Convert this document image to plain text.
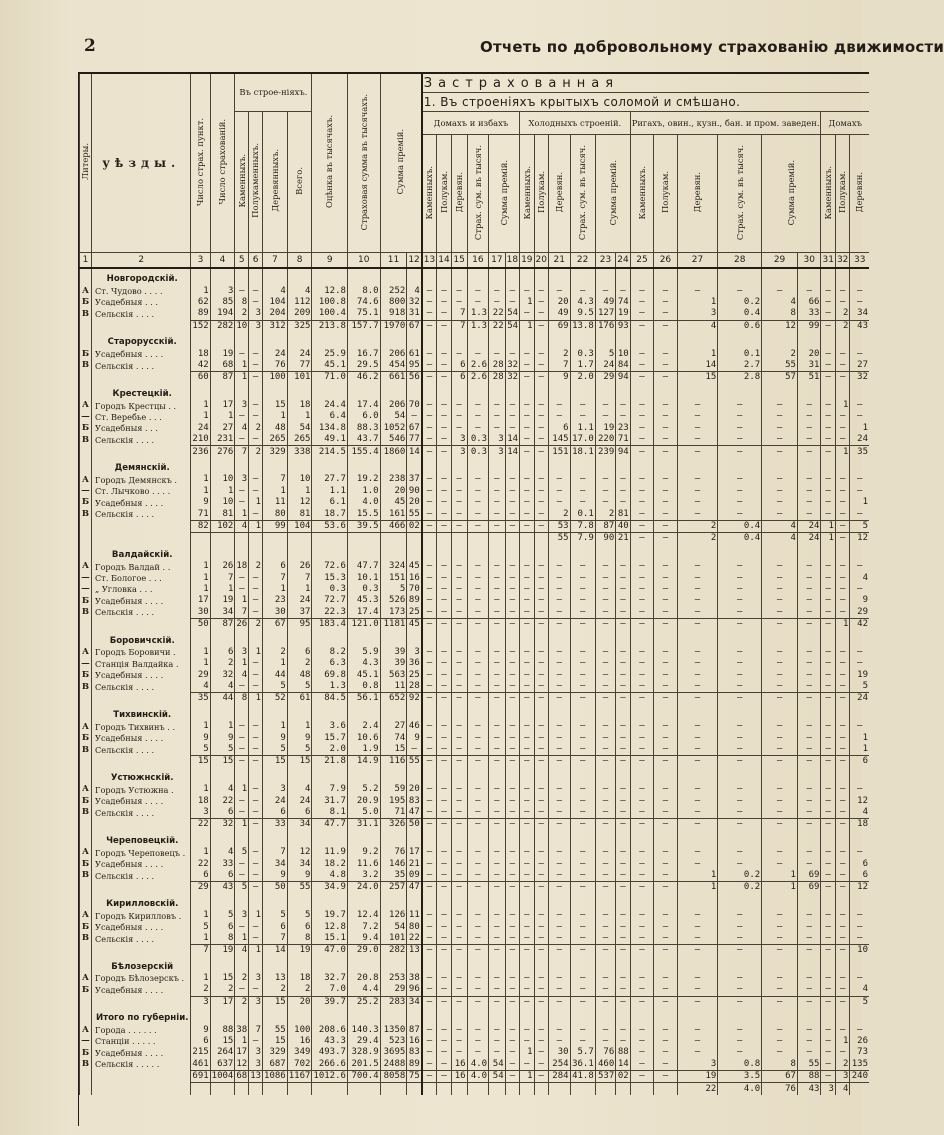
2	Отчеть по добровольному страхованію движимости
Литеры.	уѣзды.	Число страх. пункт.	Число страхованій.	Въ строе-ніяхъ.				Оцѣнка въ тысячахъ.	Страховая сумма въ тысячахъ.	Сумма премій.		Застрахованная																				
												1. Въ строеніяхъ крытыхъ соломой и смѣшано.																				
				Каменныхъ.	Полукаменныхъ.	Деревянныхъ.	Всего.					Домахъ и избахъ						Холодныхъ строеній.						Ригахъ, овин., кузн., бан. и пром. заведен.						Домахъ		
												Каменныхъ.	Полукам.	Деревян.	Страх. сум. въ тысяч.	Сумма премій.		Каменныхъ.	Полукам.	Деревян.	Страх. сум. въ тысяч.	Сумма премій.		Каменныхъ.	Полукам.	Деревян.	Страх. сум. въ тысяч.	Сумма премій.		Каменныхъ.	Полукам.	Деревян.
1	2	3	4	5	6	7	8	9	10	11	12	13	14	15	16	17	18	19	20	21	22	23	24	25	26	27	28	29	30	31	32	33
	Новгородскій.																															
А	Ст. Чудово . . . .	1	3	—	—	4	4	12.8	8.0	252	4	—	—	—	—	—	—	—	—	—	—	—	—	—	—	—	—	—	—	—	—	—
Б	Усадебныя . . .	62	85	8	—	104	112	100.8	74.6	800	32	—	—	—	—	—	—	1	—	20	4.3	49	74	—	—	1	0.2	4	66	—	—	—
В	Сельскія . . . .	89	194	2	3	204	209	100.4	75.1	918	31	—	—	7	1.3	22	54	—	—	49	9.5	127	19	—	—	3	0.4	8	33	—	2	34
		152	282	10	3	312	325	213.8	157.7	1970	67	—	—	7	1.3	22	54	1	—	69	13.8	176	93	—	—	4	0.6	12	99	—	2	43
	Старорусскій.																															
Б	Усадебныя . . . .	18	19	—	—	24	24	25.9	16.7	206	61	—	—	—	—	—	—	—	—	2	0.3	5	10	—	—	1	0.1	2	20	—	—	—
В	Сельскія . . . .	42	68	1	—	76	77	45.1	29.5	454	95	—	—	6	2.6	28	32	—	—	7	1.7	24	84	—	—	14	2.7	55	31	—	—	27
		60	87	1	—	100	101	71.0	46.2	661	56	—	—	6	2.6	28	32	—	—	9	2.0	29	94	—	—	15	2.8	57	51	—	—	32
	Крестецкій.																															
А	Городъ Крестцы . .	1	17	3	—	15	18	24.4	17.4	206	70	—	—	—	—	—	—	—	—	—	—	—	—	—	—	—	—	—	—	—	1	—
—	Ст. Веребье . . .	1	1	—	—	1	1	6.4	6.0	54	—	—	—	—	—	—	—	—	—	—	—	—	—	—	—	—	—	—	—	—	—	—
Б	Усадебныя . . .	24	27	4	2	48	54	134.8	88.3	1052	67	—	—	—	—	—	—	—	—	6	1.1	19	23	—	—	—	—	—	—	—	—	1
В	Сельскія . . . .	210	231	—	—	265	265	49.1	43.7	546	77	—	—	3	0.3	3	14	—	—	145	17.0	220	71	—	—	—	—	—	—	—	—	24
		236	276	7	2	329	338	214.5	155.4	1860	14	—	—	3	0.3	3	14	—	—	151	18.1	239	94	—	—	—	—	—	—	—	1	35
	Демянскій.																															
А	Городъ Демянскъ .	1	10	3	—	7	10	27.7	19.2	238	37	—	—	—	—	—	—	—	—	—	—	—	—	—	—	—	—	—	—	—	—	—
—	Ст. Лычково . . . .	1	1	—	—	1	1	1.1	1.0	20	90	—	—	—	—	—	—	—	—	—	—	—	—	—	—	—	—	—	—	—	—	—
Б	Усадебныя . . . .	9	10	—	1	11	12	6.1	4.0	45	20	—	—	—	—	—	—	—	—	—	—	—	—	—	—	—	—	—	—	—	—	1
В	Сельскія . . . .	71	81	1	—	80	81	18.7	15.5	161	55	—	—	—	—	—	—	—	—	2	0.1	2	81	—	—	—	—	—	—	—	—	—
		82	102	4	1	99	104	53.6	39.5	466	02	—	—	—	—	—	—	—	—	53	7.8	87	40	—	—	2	0.4	4	24	1	—	5
																				55	7.9	90	21	—	—	2	0.4	4	24	1	—	12
	Валдайскій.																															
А	Городъ Валдай . .	1	26	18	2	6	26	72.6	47.7	324	45	—	—	—	—	—	—	—	—	—	—	—	—	—	—	—	—	—	—	—	—	—
—	Ст. Бологое . . .	1	7	—	—	7	7	15.3	10.1	151	16	—	—	—	—	—	—	—	—	—	—	—	—	—	—	—	—	—	—	—	—	4
—	„ Угловка . . .	1	1	—	—	1	1	0.3	0.3	5	70	—	—	—	—	—	—	—	—	—	—	—	—	—	—	—	—	—	—	—	—	—
Б	Усадебныя . . . .	17	19	1	—	23	24	72.7	45.3	526	89	—	—	—	—	—	—	—	—	—	—	—	—	—	—	—	—	—	—	—	—	9
В	Сельскія . . . .	30	34	7	—	30	37	22.3	17.4	173	25	—	—	—	—	—	—	—	—	—	—	—	—	—	—	—	—	—	—	—	—	29
		50	87	26	2	67	95	183.4	121.0	1181	45	—	—	—	—	—	—	—	—	—	—	—	—	—	—	—	—	—	—	—	1	42
	Боровичскій.																															
А	Городъ Боровичи .	1	6	3	1	2	6	8.2	5.9	39	3	—	—	—	—	—	—	—	—	—	—	—	—	—	—	—	—	—	—	—	—	—
—	Станція Валдайка .	1	2	1	—	1	2	6.3	4.3	39	36	—	—	—	—	—	—	—	—	—	—	—	—	—	—	—	—	—	—	—	—	—
Б	Усадебныя . . . .	29	32	4	—	44	48	69.8	45.1	563	25	—	—	—	—	—	—	—	—	—	—	—	—	—	—	—	—	—	—	—	—	19
В	Сельскія . . . .	4	4	—	—	5	5	1.3	0.8	11	28	—	—	—	—	—	—	—	—	—	—	—	—	—	—	—	—	—	—	—	—	5
		35	44	8	1	52	61	84.5	56.1	652	92	—	—	—	—	—	—	—	—	—	—	—	—	—	—	—	—	—	—	—	—	24
	Тихвинскій.																															
А	Городъ Тихвинъ . .	1	1	—	—	1	1	3.6	2.4	27	46	—	—	—	—	—	—	—	—	—	—	—	—	—	—	—	—	—	—	—	—	—
Б	Усадебныя . . . .	9	9	—	—	9	9	15.7	10.6	74	9	—	—	—	—	—	—	—	—	—	—	—	—	—	—	—	—	—	—	—	—	1
В	Сельскія . . . .	5	5	—	—	5	5	2.0	1.9	15	—	—	—	—	—	—	—	—	—	—	—	—	—	—	—	—	—	—	—	—	—	1
		15	15	—	—	15	15	21.8	14.9	116	55	—	—	—	—	—	—	—	—	—	—	—	—	—	—	—	—	—	—	—	—	6
	Устюжнскій.																															
А	Городъ Устюжна .	1	4	1	—	3	4	7.9	5.2	59	20	—	—	—	—	—	—	—	—	—	—	—	—	—	—	—	—	—	—	—	—	—
Б	Усадебныя . . . .	18	22	—	—	24	24	31.7	20.9	195	83	—	—	—	—	—	—	—	—	—	—	—	—	—	—	—	—	—	—	—	—	12
В	Сельскія . . . .	3	6	—	—	6	6	8.1	5.0	71	47	—	—	—	—	—	—	—	—	—	—	—	—	—	—	—	—	—	—	—	—	4
		22	32	1	—	33	34	47.7	31.1	326	50	—	—	—	—	—	—	—	—	—	—	—	—	—	—	—	—	—	—	—	—	18
	Череповецкій.																															
А	Городъ Череповецъ .	1	4	5	—	7	12	11.9	9.2	76	17	—	—	—	—	—	—	—	—	—	—	—	—	—	—	—	—	—	—	—	—	—
Б	Усадебныя . . . .	22	33	—	—	34	34	18.2	11.6	146	21	—	—	—	—	—	—	—	—	—	—	—	—	—	—	—	—	—	—	—	—	6
В	Сельскія . . . .	6	6	—	—	9	9	4.8	3.2	35	09	—	—	—	—	—	—	—	—	—	—	—	—	—	—	1	0.2	1	69	—	—	6
		29	43	5	—	50	55	34.9	24.0	257	47	—	—	—	—	—	—	—	—	—	—	—	—	—	—	1	0.2	1	69	—	—	12
	Кирилловскій.																															
А	Городъ Кирилловъ .	1	5	3	1	5	5	19.7	12.4	126	11	—	—	—	—	—	—	—	—	—	—	—	—	—	—	—	—	—	—	—	—	—
Б	Усадебныя . . . .	5	6	—	—	6	6	12.8	7.2	54	80	—	—	—	—	—	—	—	—	—	—	—	—	—	—	—	—	—	—	—	—	—
В	Сельскія . . . .	1	8	1	—	7	8	15.1	9.4	101	22	—	—	—	—	—	—	—	—	—	—	—	—	—	—	—	—	—	—	—	—	—
		7	19	4	1	14	19	47.0	29.0	282	13	—	—	—	—	—	—	—	—	—	—	—	—	—	—	—	—	—	—	—	—	10
	Бѣлозерскій																															
А	Городъ Бѣлозерскъ .	1	15	2	3	13	18	32.7	20.8	253	38	—	—	—	—	—	—	—	—	—	—	—	—	—	—	—	—	—	—	—	—	—
Б	Усадебныя . . . .	2	2	—	—	2	2	7.0	4.4	29	96	—	—	—	—	—	—	—	—	—	—	—	—	—	—	—	—	—	—	—	—	4
		3	17	2	3	15	20	39.7	25.2	283	34	—	—	—	—	—	—	—	—	—	—	—	—	—	—	—	—	—	—	—	—	5
	Итого по губерніи.																															
А	Города . . . . . .	9	88	38	7	55	100	208.6	140.3	1350	87	—	—	—	—	—	—	—	—	—	—	—	—	—	—	—	—	—	—	—	—	—
—	Станціи . . . . .	6	15	1	—	15	16	43.3	29.4	523	16	—	—	—	—	—	—	—	—	—	—	—	—	—	—	—	—	—	—	—	1	26
Б	Усадебныя . . . .	215	264	17	3	329	349	493.7	328.9	3695	83	—	—	—	—	—	—	1	—	30	5.7	76	88	—	—	—	—	—	—	—	—	73
В	Сельскія . . . . .	461	637	12	3	687	702	266.6	201.5	2488	89	—	—	16	4.0	54	—	—	—	254	36.1	460	14	—	—	3	0.8	8	55	—	2	135
		691	1004	68	13	1086	1167	1012.6	700.4	8058	75	—	—	16	4.0	54	—	1	—	284	41.8	537	02	—	—	19	3.5	67	88	—	3	240
																										22	4.0	76	43	3	4	
